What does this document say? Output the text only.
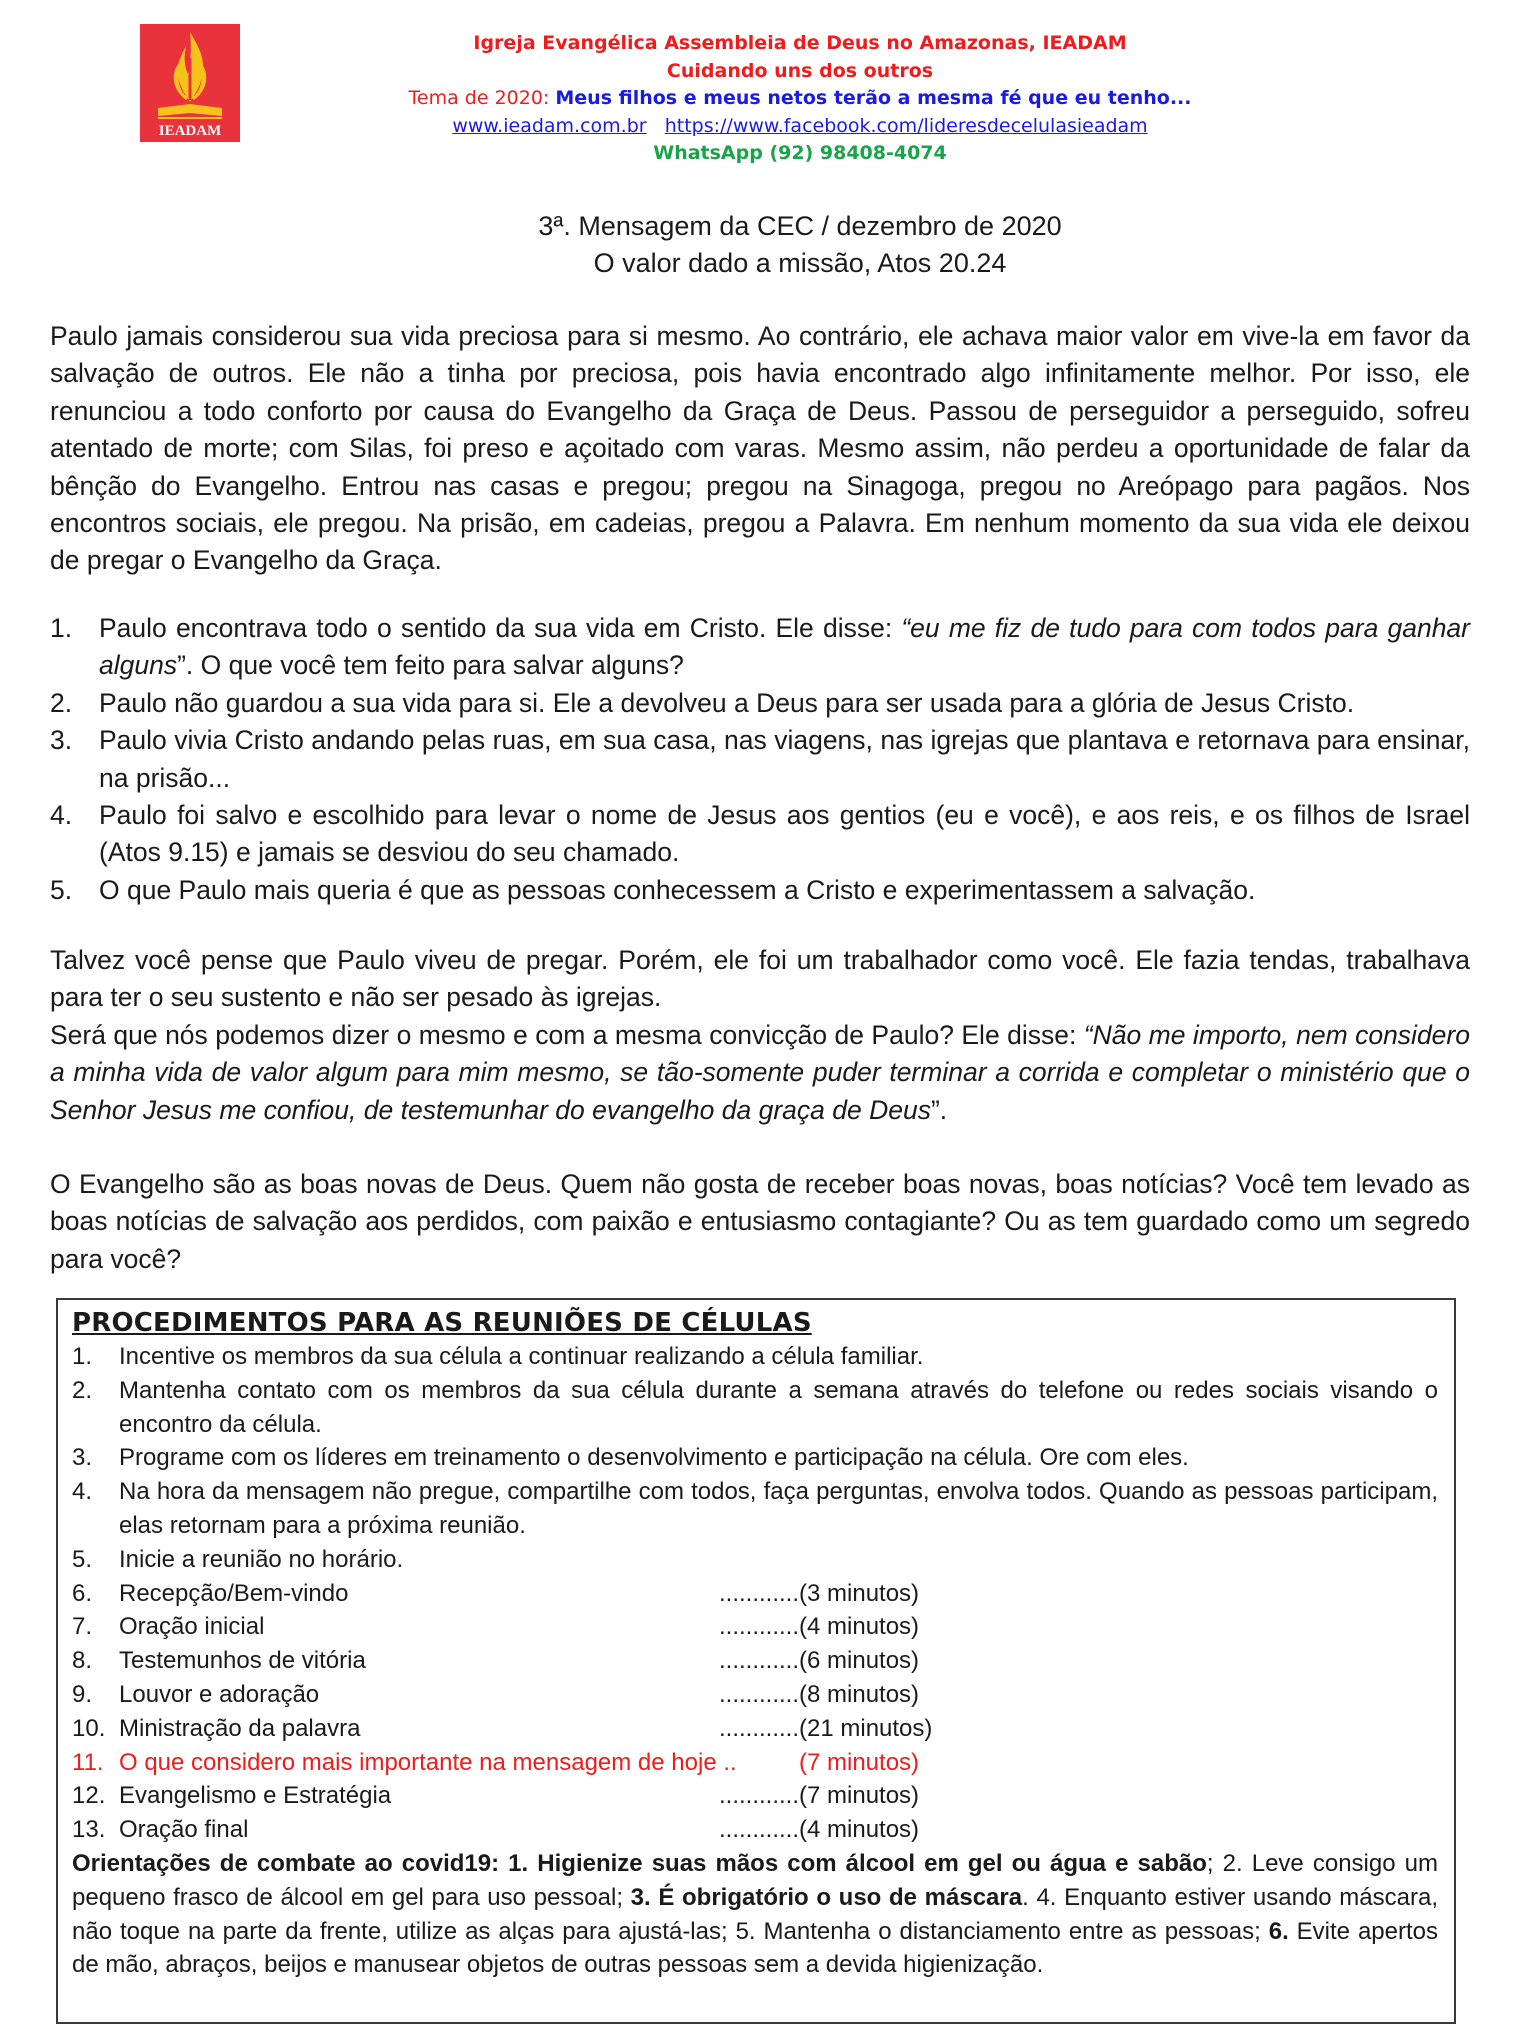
IEADAM
Igreja Evangélica Assembleia de Deus no Amazonas, IEADAM
Cuidando uns dos outros
Tema de 2020: Meus filhos e meus netos terão a mesma fé que eu tenho...
www.ieadam.com.br https://www.facebook.com/lideresdecelulasieadam
WhatsApp (92) 98408-4074
3ª. Mensagem da CEC / dezembro de 2020
O valor dado a missão, Atos 20.24
Paulo jamais considerou sua vida preciosa para si mesmo. Ao contrário, ele achava maior valor em vive-la em favor da salvação de outros. Ele não a tinha por preciosa, pois havia encontrado algo infinitamente melhor. Por isso, ele renunciou a todo conforto por causa do Evangelho da Graça de Deus. Passou de perseguidor a perseguido, sofreu atentado de morte; com Silas, foi preso e açoitado com varas. Mesmo assim, não perdeu a oportunidade de falar da bênção do Evangelho. Entrou nas casas e pregou; pregou na Sinagoga, pregou no Areópago para pagãos. Nos encontros sociais, ele pregou. Na prisão, em cadeias, pregou a Palavra. Em nenhum momento da sua vida ele deixou de pregar o Evangelho da Graça.
1.	Paulo encontrava todo o sentido da sua vida em Cristo. Ele disse: “eu me fiz de tudo para com todos para ganhar alguns”. O que você tem feito para salvar alguns?
2.	Paulo não guardou a sua vida para si. Ele a devolveu a Deus para ser usada para a glória de Jesus Cristo.
3.	Paulo vivia Cristo andando pelas ruas, em sua casa, nas viagens, nas igrejas que plantava e retornava para ensinar, na prisão...
4.	Paulo foi salvo e escolhido para levar o nome de Jesus aos gentios (eu e você), e aos reis, e os filhos de Israel (Atos 9.15) e jamais se desviou do seu chamado.
5.	O que Paulo mais queria é que as pessoas conhecessem a Cristo e experimentassem a salvação.
Talvez você pense que Paulo viveu de pregar. Porém, ele foi um trabalhador como você. Ele fazia tendas, trabalhava para ter o seu sustento e não ser pesado às igrejas.
Será que nós podemos dizer o mesmo e com a mesma convicção de Paulo? Ele disse: “Não me importo, nem considero a minha vida de valor algum para mim mesmo, se tão-somente puder terminar a corrida e completar o ministério que o Senhor Jesus me confiou, de testemunhar do evangelho da graça de Deus”.
O Evangelho são as boas novas de Deus. Quem não gosta de receber boas novas, boas notícias? Você tem levado as boas notícias de salvação aos perdidos, com paixão e entusiasmo contagiante? Ou as tem guardado como um segredo para você?
PROCEDIMENTOS PARA AS REUNIÕES DE CÉLULAS
1.	Incentive os membros da sua célula a continuar realizando a célula familiar.
2.	Mantenha contato com os membros da sua célula durante a semana através do telefone ou redes sociais visando o encontro da célula.
3.	Programe com os líderes em treinamento o desenvolvimento e participação na célula. Ore com eles.
4.	Na hora da mensagem não pregue, compartilhe com todos, faça perguntas, envolva todos. Quando as pessoas participam, elas retornam para a próxima reunião.
5.	Inicie a reunião no horário.
6.	Recepção/Bem-vindo	............ (3 minutos)
7.	Oração inicial	............ (4 minutos)
8.	Testemunhos de vitória	............ (6 minutos)
9.	Louvor e adoração	............ (8 minutos)
10. Ministração da palavra	............ (21 minutos)
11. O que considero mais importante na mensagem de hoje ..	(7 minutos)
12. Evangelismo e Estratégia	............ (7 minutos)
13. Oração final	............ (4 minutos)
Orientações de combate ao covid19: 1. Higienize suas mãos com álcool em gel ou água e sabão; 2. Leve consigo um pequeno frasco de álcool em gel para uso pessoal; 3. É obrigatório o uso de máscara. 4. Enquanto estiver usando máscara, não toque na parte da frente, utilize as alças para ajustá-las; 5. Mantenha o distanciamento entre as pessoas; 6. Evite apertos de mão, abraços, beijos e manusear objetos de outras pessoas sem a devida higienização.
